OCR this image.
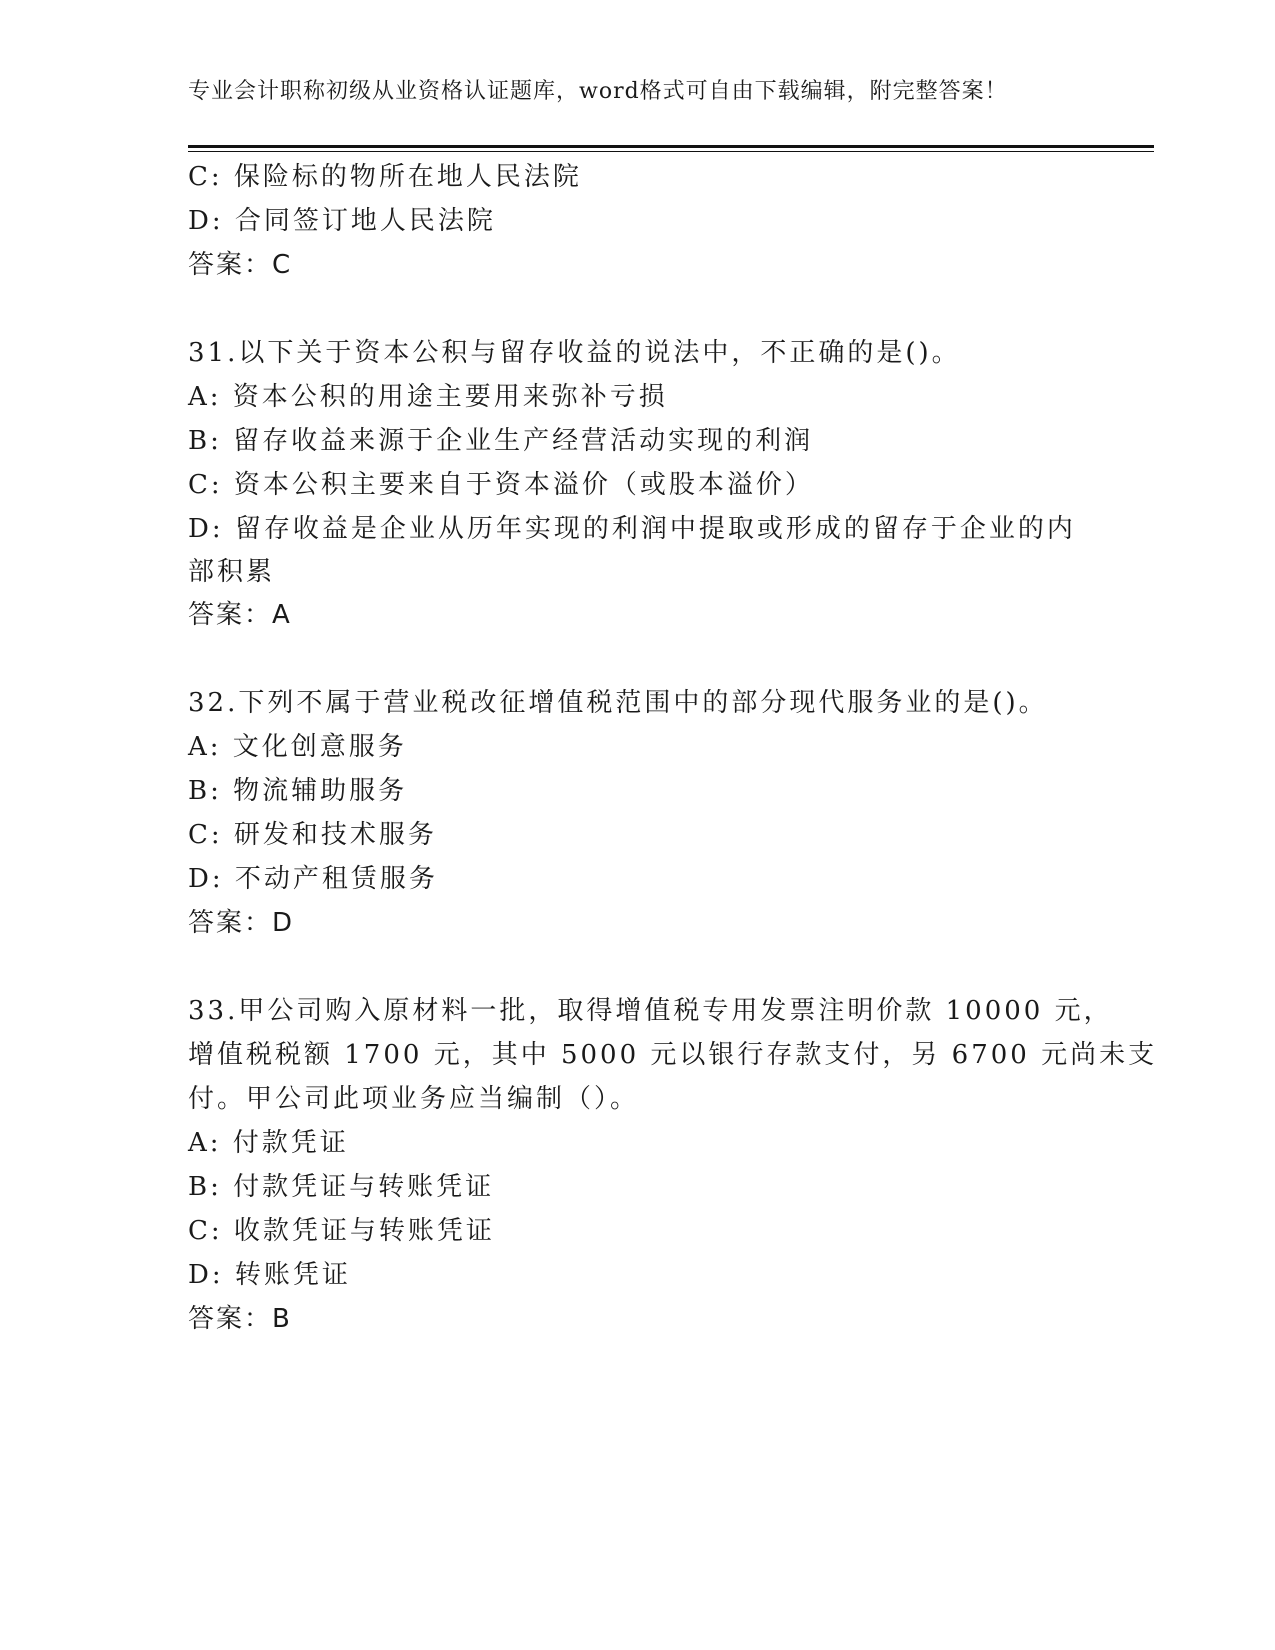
专业会计职称初级从业资格认证题库，word格式可自由下载编辑，附完整答案！
C: 保险标的物所在地人民法院
D: 合同签订地人民法院
答案：C
31.以下关于资本公积与留存收益的说法中，不正确的是()。
A: 资本公积的用途主要用来弥补亏损
B: 留存收益来源于企业生产经营活动实现的利润
C: 资本公积主要来自于资本溢价（或股本溢价）
D: 留存收益是企业从历年实现的利润中提取或形成的留存于企业的内
部积累
答案：A
32.下列不属于营业税改征增值税范围中的部分现代服务业的是()。
A: 文化创意服务
B: 物流辅助服务
C: 研发和技术服务
D: 不动产租赁服务
答案：D
33.甲公司购入原材料一批，取得增值税专用发票注明价款 10000 元，
增值税税额 1700 元，其中 5000 元以银行存款支付，另 6700 元尚未支
付。甲公司此项业务应当编制（）。
A: 付款凭证
B: 付款凭证与转账凭证
C: 收款凭证与转账凭证
D: 转账凭证
答案：B
